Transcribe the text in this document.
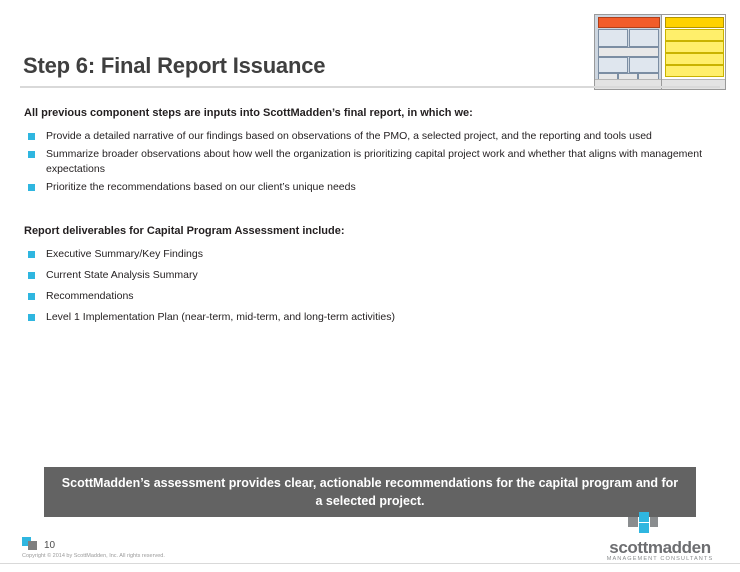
Step 6: Final Report Issuance

All previous component steps are inputs into ScottMadden’s final report, in which we:

Provide a detailed narrative of our findings based on observations of the PMO, a selected project, and the reporting and tools used
Summarize broader observations about how well the organization is prioritizing capital project work and whether that aligns with management expectations
Prioritize the recommendations based on our client’s unique needs

Report deliverables for Capital Program Assessment include:

Executive Summary/Key Findings
Current State Analysis Summary
Recommendations
Level 1 Implementation Plan (near-term, mid-term, and long-term activities)
ScottMadden’s assessment provides clear, actionable recommendations for the capital program and for a selected project.
10
Copyright © 2014 by ScottMadden, Inc. All rights reserved.	scottmadden
MANAGEMENT CONSULTANTS
